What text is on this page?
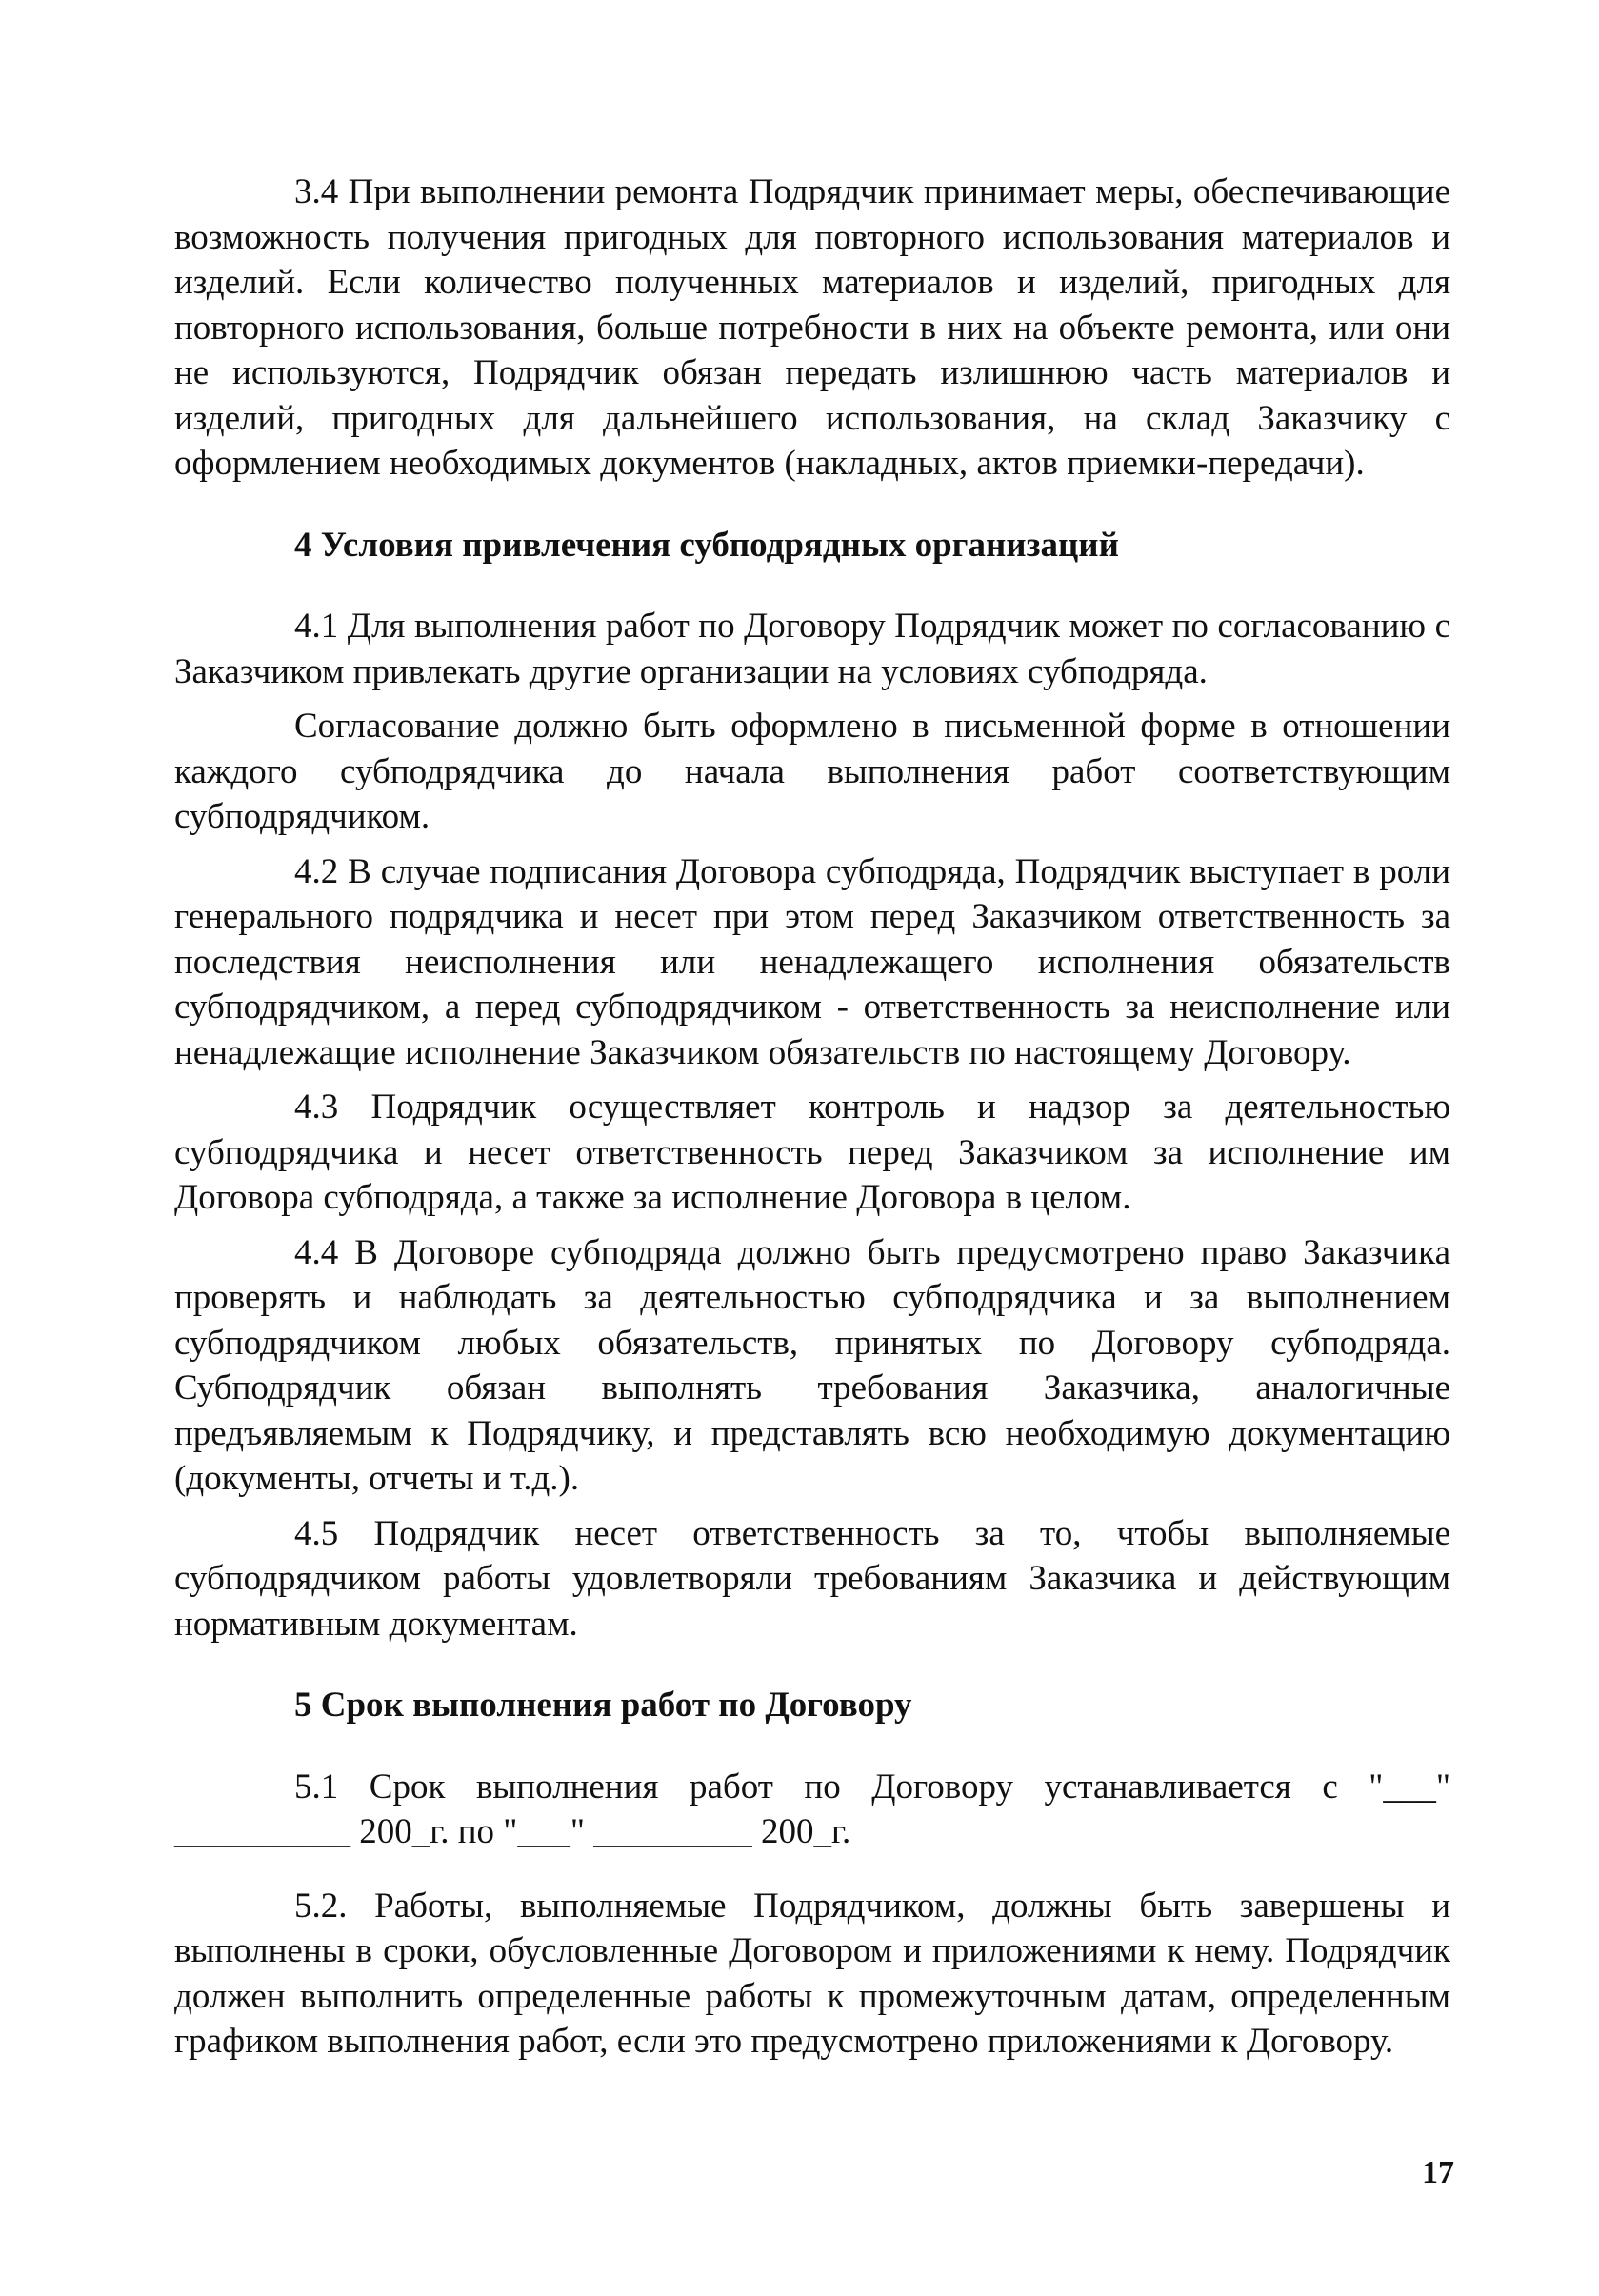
3.4 При выполнении ремонта Подрядчик принимает меры, обеспечивающие возможность получения пригодных для повторного использования материалов и изделий. Если количество полученных материалов и изделий, пригодных для повторного использования, больше потребности в них на объекте ремонта, или они не используются, Подрядчик обязан передать излишнюю часть материалов и изделий, пригодных для дальнейшего использования, на склад Заказчику с оформлением необходимых документов (накладных, актов приемки-передачи).

4 Условия привлечения субподрядных организаций

4.1 Для выполнения работ по Договору Подрядчик может по согласованию с Заказчиком привлекать другие организации на условиях субподряда.

Согласование должно быть оформлено в письменной форме в отношении каждого субподрядчика до начала выполнения работ соответствующим субподрядчиком.

4.2 В случае подписания Договора субподряда, Подрядчик выступает в роли генерального подрядчика и несет при этом перед Заказчиком ответственность за последствия неисполнения или ненадлежащего исполнения обязательств субподрядчиком, а перед субподрядчиком - ответственность за неисполнение или ненадлежащие исполнение Заказчиком обязательств по настоящему Договору.

4.3 Подрядчик осуществляет контроль и надзор за деятельностью субподрядчика и несет ответственность перед Заказчиком за исполнение им Договора субподряда, а также за исполнение Договора в целом.

4.4 В Договоре субподряда должно быть предусмотрено право Заказчика проверять и наблюдать за деятельностью субподрядчика и за выполнением субподрядчиком любых обязательств, принятых по Договору субподряда. Субподрядчик обязан выполнять требования Заказчика, аналогичные предъявляемым к Подрядчику, и представлять всю необходимую документацию (документы, отчеты и т.д.).

4.5 Подрядчик несет ответственность за то, чтобы выполняемые субподрядчиком работы удовлетворяли требованиям Заказчика и действующим нормативным документам.

5 Срок выполнения работ по Договору

5.1 Срок выполнения работ по Договору устанавливается с "___" __________ 200_г. по "___" _________ 200_г.

5.2. Работы, выполняемые Подрядчиком, должны быть завершены и выполнены в сроки, обусловленные Договором и приложениями к нему. Подрядчик должен выполнить определенные работы к промежуточным датам, определенным графиком выполнения работ, если это предусмотрено приложениями к Договору.

17
